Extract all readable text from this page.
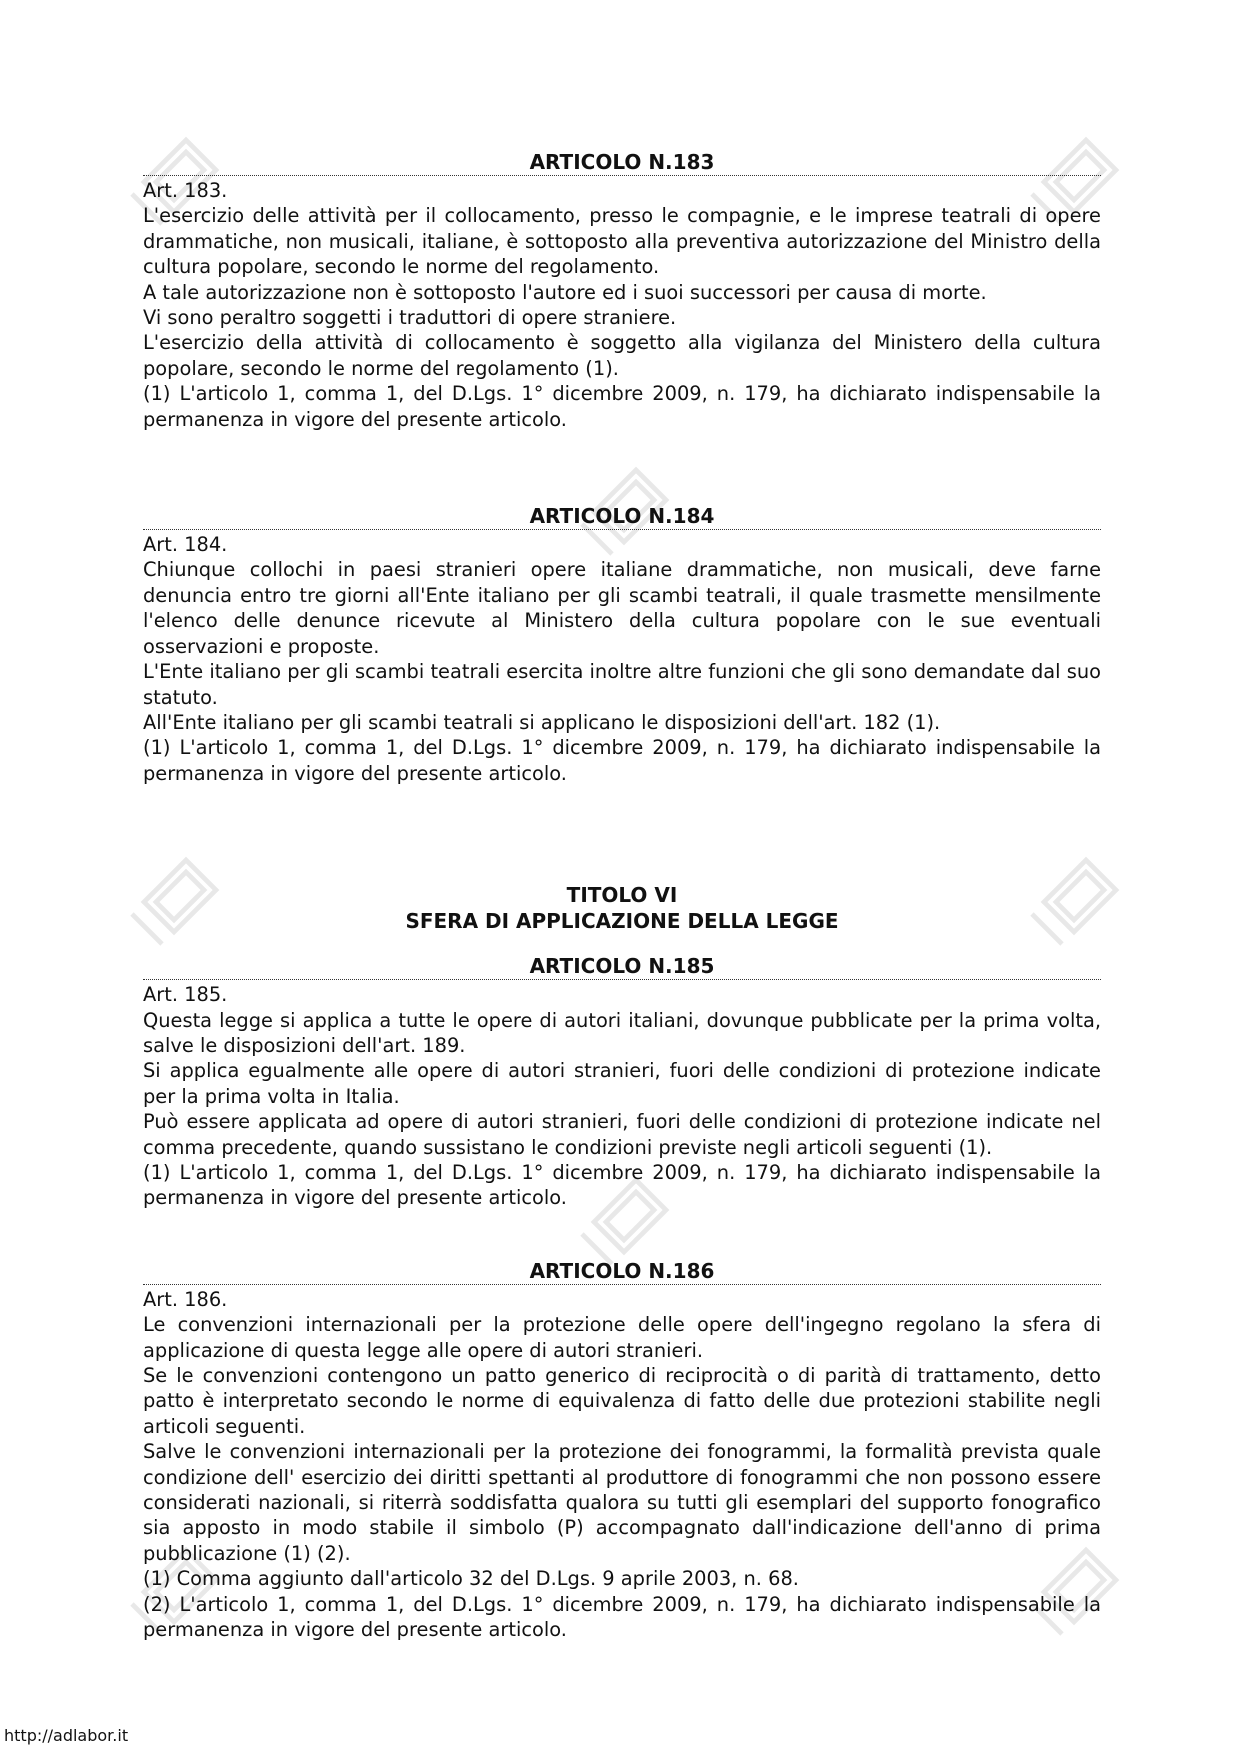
ARTICOLO N.183

Art. 183.

L'esercizio delle attività per il collocamento, presso le compagnie, e le imprese teatrali di opere drammatiche, non musicali, italiane, è sottoposto alla preventiva autorizzazione del Ministro della cultura popolare, secondo le norme del regolamento.

A tale autorizzazione non è sottoposto l'autore ed i suoi successori per causa di morte.

Vi sono peraltro soggetti i traduttori di opere straniere.

L'esercizio della attività di collocamento è soggetto alla vigilanza del Ministero della cultura popolare, secondo le norme del regolamento (1).

(1) L'articolo 1, comma 1, del D.Lgs. 1° dicembre 2009, n. 179, ha dichiarato indispensabile la permanenza in vigore del presente articolo.

ARTICOLO N.184

Art. 184.

Chiunque collochi in paesi stranieri opere italiane drammatiche, non musicali, deve farne denuncia entro tre giorni all'Ente italiano per gli scambi teatrali, il quale trasmette mensilmente l'elenco delle denunce ricevute al Ministero della cultura popolare con le sue eventuali osservazioni e proposte.

L'Ente italiano per gli scambi teatrali esercita inoltre altre funzioni che gli sono demandate dal suo statuto.

All'Ente italiano per gli scambi teatrali si applicano le disposizioni dell'art. 182 (1).

(1) L'articolo 1, comma 1, del D.Lgs. 1° dicembre 2009, n. 179, ha dichiarato indispensabile la permanenza in vigore del presente articolo.

TITOLO VI
SFERA DI APPLICAZIONE DELLA LEGGE
ARTICOLO N.185

Art. 185.

Questa legge si applica a tutte le opere di autori italiani, dovunque pubblicate per la prima volta, salve le disposizioni dell'art. 189.

Si applica egualmente alle opere di autori stranieri, fuori delle condizioni di protezione indicate per la prima volta in Italia.

Può essere applicata ad opere di autori stranieri, fuori delle condizioni di protezione indicate nel comma precedente, quando sussistano le condizioni previste negli articoli seguenti (1).

(1) L'articolo 1, comma 1, del D.Lgs. 1° dicembre 2009, n. 179, ha dichiarato indispensabile la permanenza in vigore del presente articolo.

ARTICOLO N.186

Art. 186.

Le convenzioni internazionali per la protezione delle opere dell'ingegno regolano la sfera di applicazione di questa legge alle opere di autori stranieri.

Se le convenzioni contengono un patto generico di reciprocità o di parità di trattamento, detto patto è interpretato secondo le norme di equivalenza di fatto delle due protezioni stabilite negli articoli seguenti.

Salve le convenzioni internazionali per la protezione dei fonogrammi, la formalità prevista quale condizione dell' esercizio dei diritti spettanti al produttore di fonogrammi che non possono essere considerati nazionali, si riterrà soddisfatta qualora su tutti gli esemplari del supporto fonografico sia apposto in modo stabile il simbolo (P) accompagnato dall'indicazione dell'anno di prima pubblicazione (1) (2).

(1) Comma aggiunto dall'articolo 32 del D.Lgs. 9 aprile 2003, n. 68.

(2) L'articolo 1, comma 1, del D.Lgs. 1° dicembre 2009, n. 179, ha dichiarato indispensabile la permanenza in vigore del presente articolo.

http://adlabor.it
